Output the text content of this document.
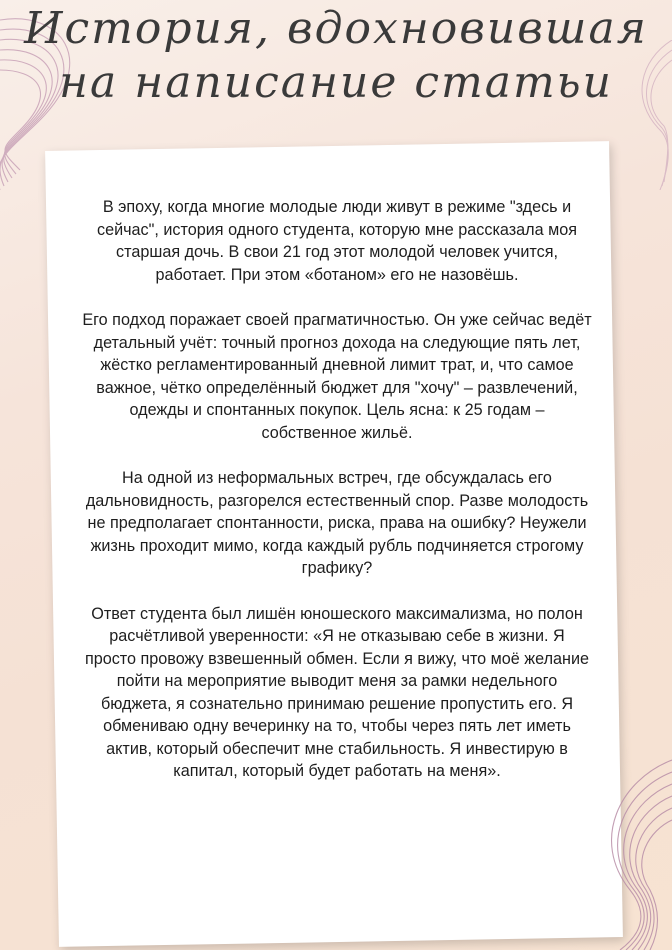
История, вдохновившая
на написание статьи

В эпоху, когда многие молодые люди живут в режиме "здесь и сейчас", история одного студента, которую мне рассказала моя старшая дочь. В свои 21 год этот молодой человек учится, работает. При этом «ботаном» его не назовёшь.

Его подход поражает своей прагматичностью. Он уже сейчас ведёт детальный учёт: точный прогноз дохода на следующие пять лет, жёстко регламентированный дневной лимит трат, и, что самое важное, чётко определённый бюджет для "хочу" – развлечений, одежды и спонтанных покупок. Цель ясна: к 25 годам – собственное жильё.

На одной из неформальных встреч, где обсуждалась его дальновидность, разгорелся естественный спор. Разве молодость не предполагает спонтанности, риска, права на ошибку? Неужели жизнь проходит мимо, когда каждый рубль подчиняется строгому графику?

Ответ студента был лишён юношеского максимализма, но полон расчётливой уверенности: «Я не отказываю себе в жизни. Я просто провожу взвешенный обмен. Если я вижу, что моё желание пойти на мероприятие выводит меня за рамки недельного бюджета, я сознательно принимаю решение пропустить его. Я обмениваю одну вечеринку на то, чтобы через пять лет иметь актив, который обеспечит мне стабильность. Я инвестирую в капитал, который будет работать на меня».
